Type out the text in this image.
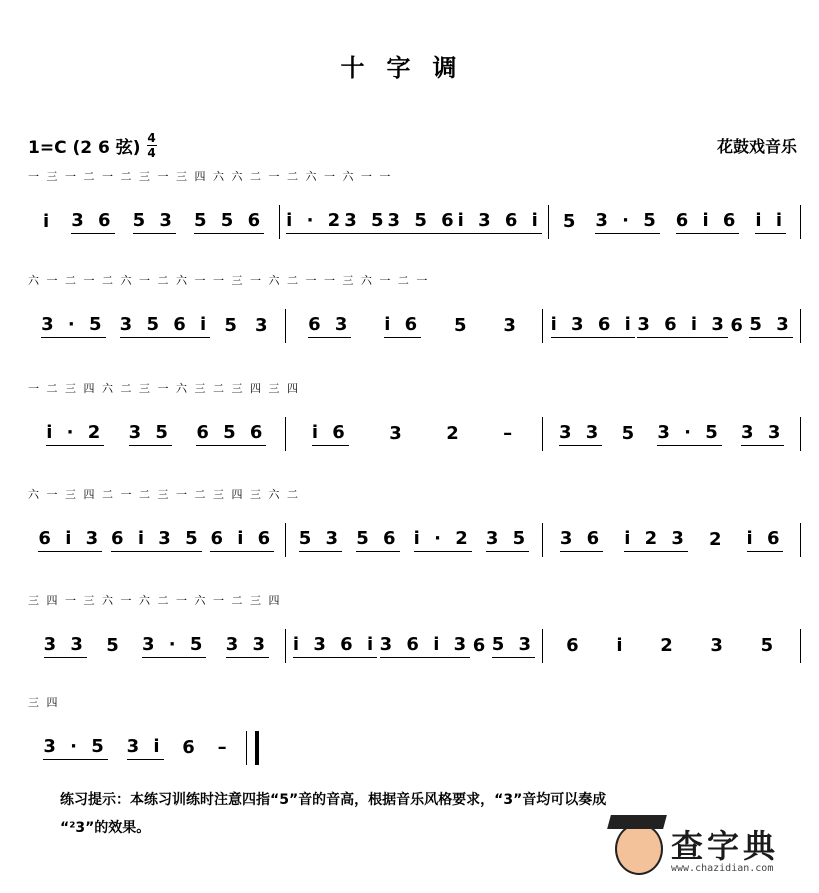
十字调
1=C (2 6 弦) 4
4	花鼓戏音乐
一 三 一 二 一 二 三 一 三 四 六 六 二 一 二 六 一 六 一 一
i 3 6 5 3 5 5 6 i · 2 3 5 3 5 6 i 3 6 i 5 3 · 5 6 i 6 i i
六 一 二 一 二 六 一 二 六 一 一 三 一 六 二 一 一 三 六 一 二 一
3 · 5 3 5 6 i 5 3 6 3 i 6 5 3 i 3 6 i 3 6 i 3 6 5 3
一 二 三 四 六 二 三 一 六 三 二 三 四 三 四
i · 2 3 5 6 5 6	i 6 3 2 – 3 3 5 3 · 5 3 3
六 一 三 四 二 一 二 三 一 二 三 四 三 六 二
6 i 3 6 i 3 5 6 i 6 5 3 5 6 i · 2 3 5 3 6 i 2 3 2 i 6
三 四 一 三 六 一 六 二 一 六 一 二 三 四
3 3 5 3 · 5 3 3 i 3 6 i 3 6 i 3 6 5 3 6 i 2 3 5
三 四
3 · 5 3 i 6 –
练习提示：本练习训练时注意四指“5”音的音高，根据音乐风格要求，“3”音均可以奏成
“²3”的效果。	查字典
www.chazidian.com
